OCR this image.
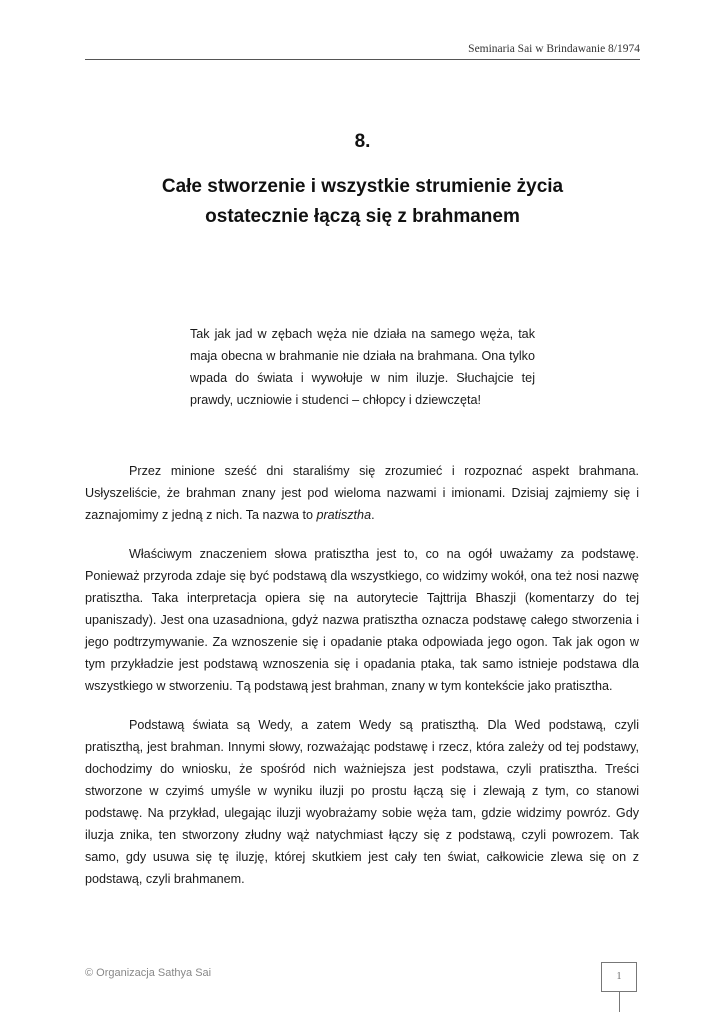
Seminaria Sai w Brindawanie 8/1974
8.
Całe stworzenie i wszystkie strumienie życia
ostatecznie łączą się z brahmanem
Tak jak jad w zębach węża nie działa na samego węża, tak maja obecna w brahmanie nie działa na brahmana. Ona tylko wpada do świata i wywołuje w nim iluzje. Słuchajcie tej prawdy, uczniowie i studenci – chłopcy i dziewczęta!

Przez minione sześć dni staraliśmy się zrozumieć i rozpoznać aspekt brahmana. Usłyszeliście, że brahman znany jest pod wieloma nazwami i imionami. Dzisiaj zajmiemy się i zaznajomimy z jedną z nich. Ta nazwa to pratisztha.

Właściwym znaczeniem słowa pratisztha jest to, co na ogół uważamy za podstawę. Ponieważ przyroda zdaje się być podstawą dla wszystkiego, co widzimy wokół, ona też nosi nazwę pratisztha. Taka interpretacja opiera się na autorytecie Tajttrija Bhaszji (komentarzy do tej upaniszady). Jest ona uzasadniona, gdyż nazwa pratisztha oznacza podstawę całego stworzenia i jego podtrzymywanie. Za wznoszenie się i opadanie ptaka odpowiada jego ogon. Tak jak ogon w tym przykładzie jest podstawą wznoszenia się i opadania ptaka, tak samo istnieje podstawa dla wszystkiego w stworzeniu. Tą podstawą jest brahman, znany w tym kontekście jako pratisztha.

Podstawą świata są Wedy, a zatem Wedy są pratiszthą. Dla Wed podstawą, czyli pratiszthą, jest brahman. Innymi słowy, rozważając podstawę i rzecz, która zależy od tej podstawy, dochodzimy do wniosku, że spośród nich ważniejsza jest podstawa, czyli pratisztha. Treści stworzone w czyimś umyśle w wyniku iluzji po prostu łączą się i zlewają z tym, co stanowi podstawę. Na przykład, ulegając iluzji wyobrażamy sobie węża tam, gdzie widzimy powróz. Gdy iluzja znika, ten stworzony złudny wąż natychmiast łączy się z podstawą, czyli powrozem. Tak samo, gdy usuwa się tę iluzję, której skutkiem jest cały ten świat, całkowicie zlewa się on z podstawą, czyli brahmanem.

© Organizacja Sathya Sai	1
